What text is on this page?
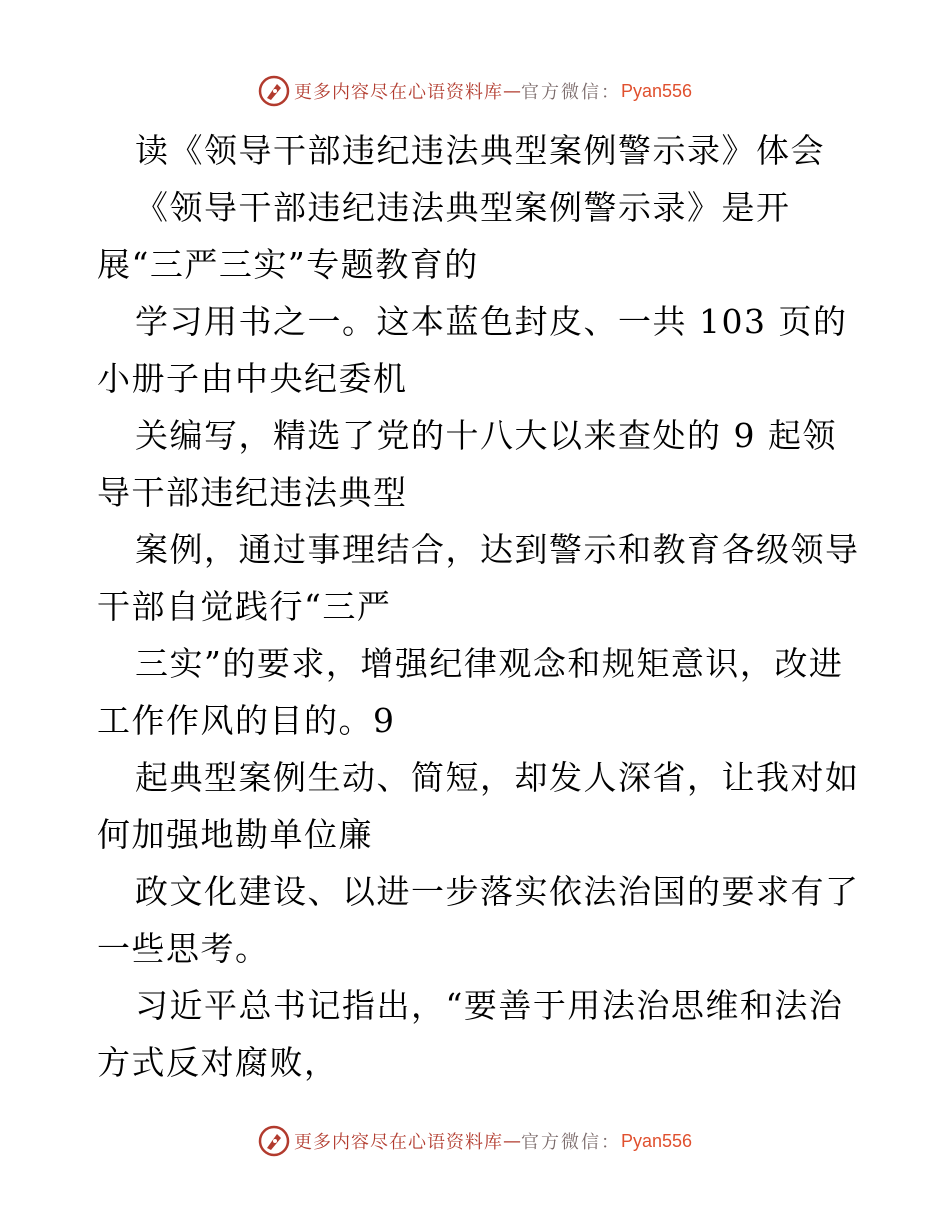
更多内容尽在心语资料库 — 官方微信： Pyan556
读《领导干部违纪违法典型案例警示录》体会
《领导干部违纪违法典型案例警示录》是开
展“三严三实”专题教育的
学习用书之一。这本蓝色封皮、一共 103 页的
小册子由中央纪委机
关编写，精选了党的十八大以来查处的 9 起领
导干部违纪违法典型
案例，通过事理结合，达到警示和教育各级领导
干部自觉践行“三严
三实”的要求，增强纪律观念和规矩意识，改进
工作作风的目的。9
起典型案例生动、简短，却发人深省，让我对如
何加强地勘单位廉
政文化建设、以进一步落实依法治国的要求有了
一些思考。
习近平总书记指出，“要善于用法治思维和法治
方式反对腐败，
更多内容尽在心语资料库 — 官方微信： Pyan556
